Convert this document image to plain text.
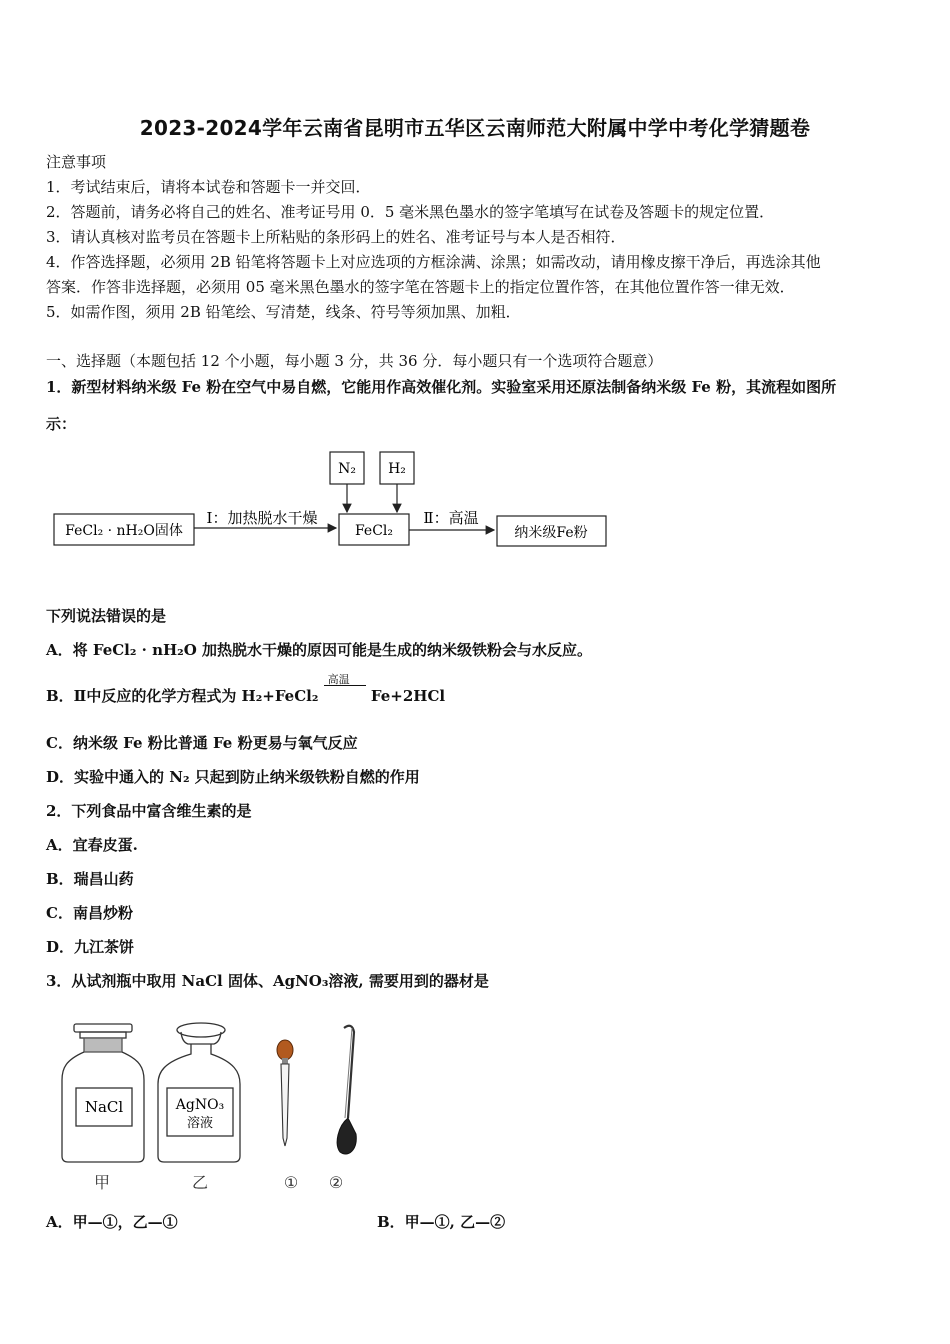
2023-2024学年云南省昆明市五华区云南师范大附属中学中考化学猜题卷
注意事项
1．考试结束后，请将本试卷和答题卡一并交回．
2．答题前，请务必将自己的姓名、准考证号用 0．5 毫米黑色墨水的签字笔填写在试卷及答题卡的规定位置．
3．请认真核对监考员在答题卡上所粘贴的条形码上的姓名、准考证号与本人是否相符．
4．作答选择题，必须用 2B 铅笔将答题卡上对应选项的方框涂满、涂黑；如需改动，请用橡皮擦干净后，再选涂其他
答案．作答非选择题，必须用 05 毫米黑色墨水的签字笔在答题卡上的指定位置作答，在其他位置作答一律无效．
5．如需作图，须用 2B 铅笔绘、写清楚，线条、符号等须加黑、加粗．
一、选择题（本题包括 12 个小题，每小题 3 分，共 36 分．每小题只有一个选项符合题意）
1．新型材料纳米级 Fe 粉在空气中易自燃，它能用作高效催化剂。实验室采用还原法制备纳米级 Fe 粉，其流程如图所
示：
N₂ H₂
FeCl₂ · nH₂O固体
Ⅰ：加热脱水干燥
FeCl₂
Ⅱ：高温
纳米级Fe粉
下列说法错误的是
A．将 FeCl₂ · nH₂O 加热脱水干燥的原因可能是生成的纳米级铁粉会与水反应。
B．Ⅱ中反应的化学方程式为 H₂+FeCl₂
高温
Fe+2HCl
C．纳米级 Fe 粉比普通 Fe 粉更易与氧气反应
D．实验中通入的 N₂ 只起到防止纳米级铁粉自燃的作用
2．下列食品中富含维生素的是
A．宜春皮蛋.
B．瑞昌山药
C．南昌炒粉
D．九江茶饼
3．从试剂瓶中取用 NaCl 固体、AgNO₃溶液, 需要用到的器材是
NaCl	AgNO₃
溶液
甲	乙	① ②
A．甲—①，乙—①	B．甲—①, 乙—②
